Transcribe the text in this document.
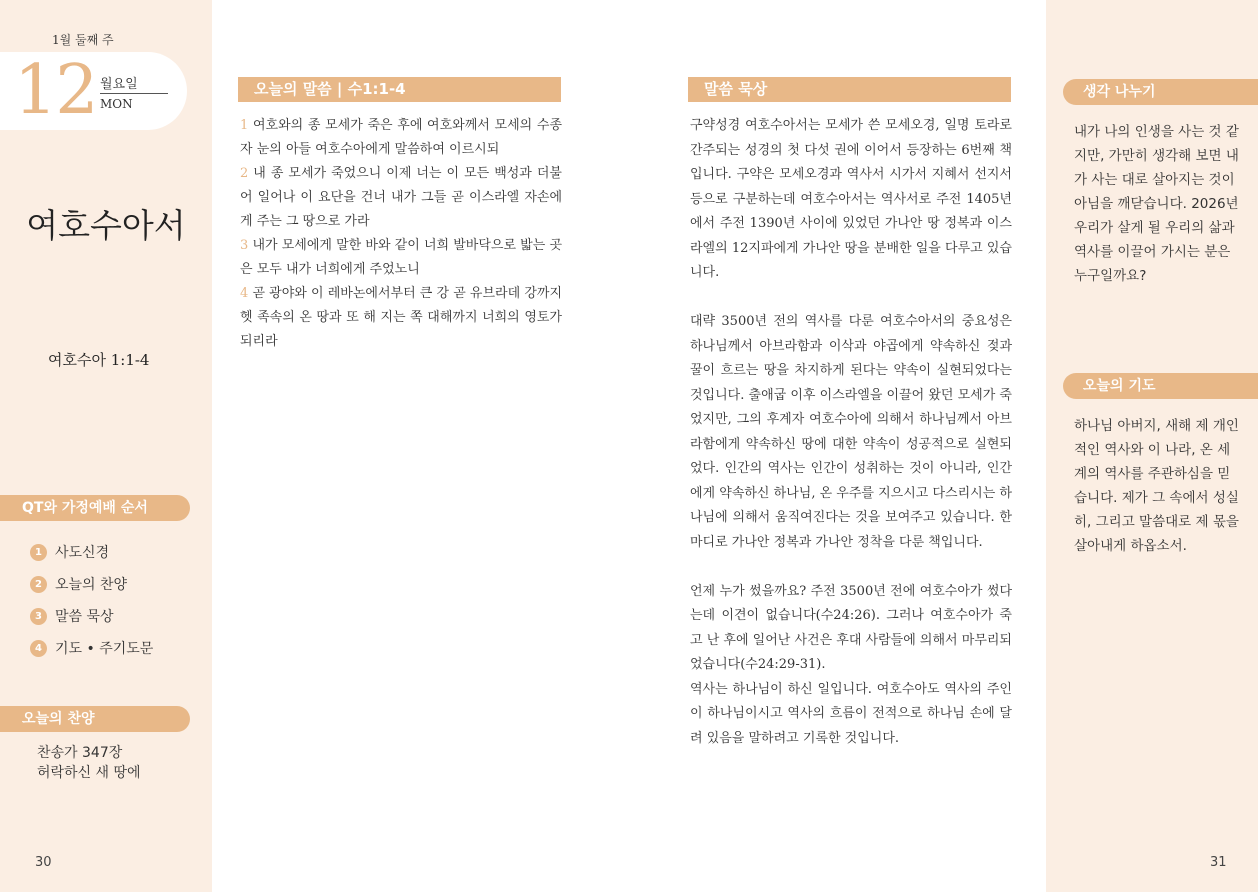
1월 둘째 주
12 월요일
MON
여호수아서
여호수아 1:1-4
QT와 가정예배 순서
1 사도신경
2 오늘의 찬양
3 말씀 묵상
4 기도 • 주기도문
오늘의 찬양
찬송가 347장
허락하신 새 땅에
30
오늘의 말씀 | 수1:1-4
1 여호와의 종 모세가 죽은 후에 여호와께서 모세의 수종자 눈의 아들 여호수아에게 말씀하여 이르시되
2 내 종 모세가 죽었으니 이제 너는 이 모든 백성과 더불어 일어나 이 요단을 건너 내가 그들 곧 이스라엘 자손에게 주는 그 땅으로 가라
3 내가 모세에게 말한 바와 같이 너희 발바닥으로 밟는 곳은 모두 내가 너희에게 주었노니
4 곧 광야와 이 레바논에서부터 큰 강 곧 유브라데 강까지 헷 족속의 온 땅과 또 해 지는 쪽 대해까지 너희의 영토가 되리라
말씀 묵상

구약성경 여호수아서는 모세가 쓴 모세오경, 일명 토라로 간주되는 성경의 첫 다섯 권에 이어서 등장하는 6번째 책입니다. 구약은 모세오경과 역사서 시가서 지혜서 선지서 등으로 구분하는데 여호수아서는 역사서로 주전 1405년에서 주전 1390년 사이에 있었던 가나안 땅 정복과 이스라엘의 12지파에게 가나안 땅을 분배한 일을 다루고 있습니다.

대략 3500년 전의 역사를 다룬 여호수아서의 중요성은 하나님께서 아브라함과 이삭과 야곱에게 약속하신 젖과 꿀이 흐르는 땅을 차지하게 된다는 약속이 실현되었다는 것입니다. 출애굽 이후 이스라엘을 이끌어 왔던 모세가 죽었지만, 그의 후계자 여호수아에 의해서 하나님께서 아브라함에게 약속하신 땅에 대한 약속이 성공적으로 실현되었다. 인간의 역사는 인간이 성취하는 것이 아니라, 인간에게 약속하신 하나님, 온 우주를 지으시고 다스리시는 하나님에 의해서 움직여진다는 것을 보여주고 있습니다. 한 마디로 가나안 정복과 가나안 정착을 다룬 책입니다.

언제 누가 썼을까요? 주전 3500년 전에 여호수아가 썼다는데 이견이 없습니다(수24:26). 그러나 여호수아가 죽고 난 후에 일어난 사건은 후대 사람들에 의해서 마무리되었습니다(수24:29-31).

역사는 하나님이 하신 일입니다. 여호수아도 역사의 주인이 하나님이시고 역사의 흐름이 전적으로 하나님 손에 달려 있음을 말하려고 기록한 것입니다.

생각 나누기
내가 나의 인생을 사는 것 같지만, 가만히 생각해 보면 내가 사는 대로 살아지는 것이 아님을 깨닫습니다. 2026년 우리가 살게 될 우리의 삶과 역사를 이끌어 가시는 분은 누구일까요?
오늘의 기도
하나님 아버지, 새해 제 개인적인 역사와 이 나라, 온 세계의 역사를 주관하심을 믿습니다. 제가 그 속에서 성실히, 그리고 말씀대로 제 몫을 살아내게 하옵소서.
31
